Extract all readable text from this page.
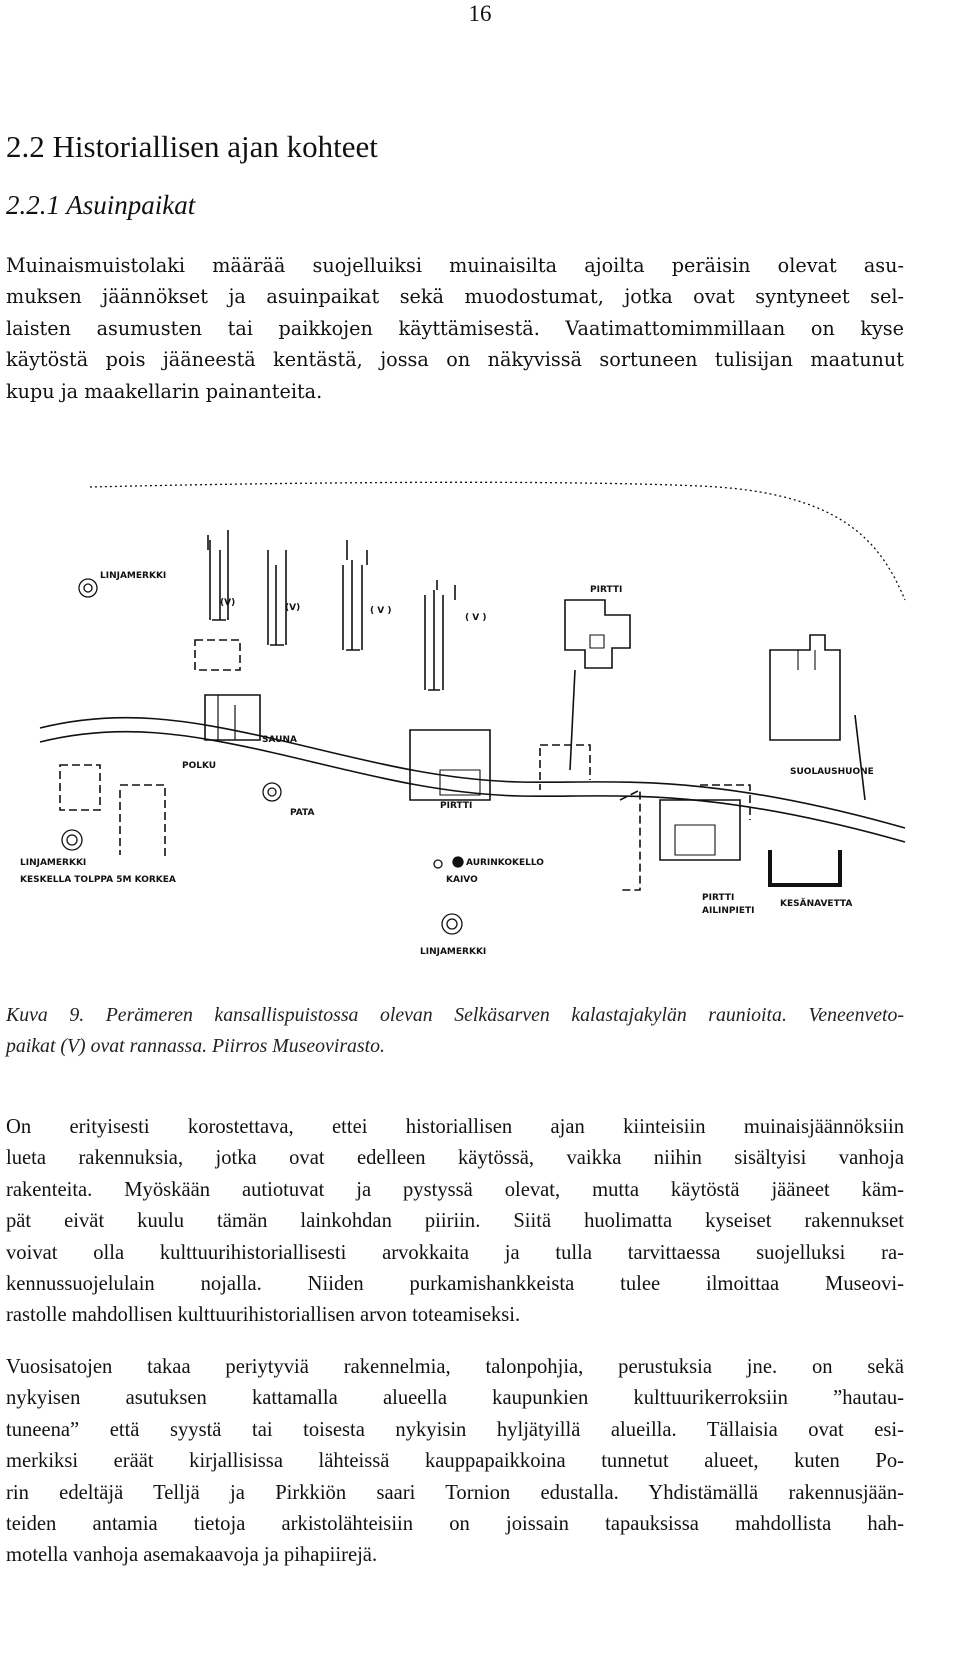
16
2.2 Historiallisen ajan kohteet
2.2.1 Asuinpaikat

Muinaismuistolaki määrää suojelluiksi muinaisilta ajoilta peräisin olevat asu-

muksen jäännökset ja asuinpaikat sekä muodostumat, jotka ovat syntyneet sel-

laisten asumusten tai paikkojen käyttämisestä. Vaatimattomimmillaan on kyse

käytöstä pois jääneestä kentästä, jossa on näkyvissä sortuneen tulisijan maatunut

kupu ja maakellarin painanteita.

LINJAMERKKI
(V)	(V)	( V )
( V )
PIRTTI
SAUNA
POLKU
SUOLAUSHUONE
PATA
PIRTTI
LINJAMERKKI
KESKELLA TOLPPA 5M KORKEA
AURINKOKELLO
KAIVO
PIRTTI
AILINPIETI
KESÄNAVETTA
LINJAMERKKI

Kuva 9. Perämeren kansallispuistossa olevan Selkäsarven kalastajakylän raunioita. Veneenveto-

paikat (V) ovat rannassa. Piirros Museovirasto.

On erityisesti korostettava, ettei historiallisen ajan kiinteisiin muinaisjäännöksiin

lueta rakennuksia, jotka ovat edelleen käytössä, vaikka niihin sisältyisi vanhoja

rakenteita. Myöskään autiotuvat ja pystyssä olevat, mutta käytöstä jääneet käm-

pät eivät kuulu tämän lainkohdan piiriin. Siitä huolimatta kyseiset rakennukset

voivat olla kulttuurihistoriallisesti arvokkaita ja tulla tarvittaessa suojelluksi ra-

kennussuojelulain nojalla. Niiden purkamishankkeista tulee ilmoittaa Museovi-

rastolle mahdollisen kulttuurihistoriallisen arvon toteamiseksi.

Vuosisatojen takaa periytyviä rakennelmia, talonpohjia, perustuksia jne. on sekä

nykyisen asutuksen kattamalla alueella kaupunkien kulttuurikerroksiin ”hautau-

tuneena” että syystä tai toisesta nykyisin hyljätyillä alueilla. Tällaisia ovat esi-

merkiksi eräät kirjallisissa lähteissä kauppapaikkoina tunnetut alueet, kuten Po-

rin edeltäjä Telljä ja Pirkkiön saari Tornion edustalla. Yhdistämällä rakennusjään-

teiden antamia tietoja arkistolähteisiin on joissain tapauksissa mahdollista hah-

motella vanhoja asemakaavoja ja pihapiirejä.
